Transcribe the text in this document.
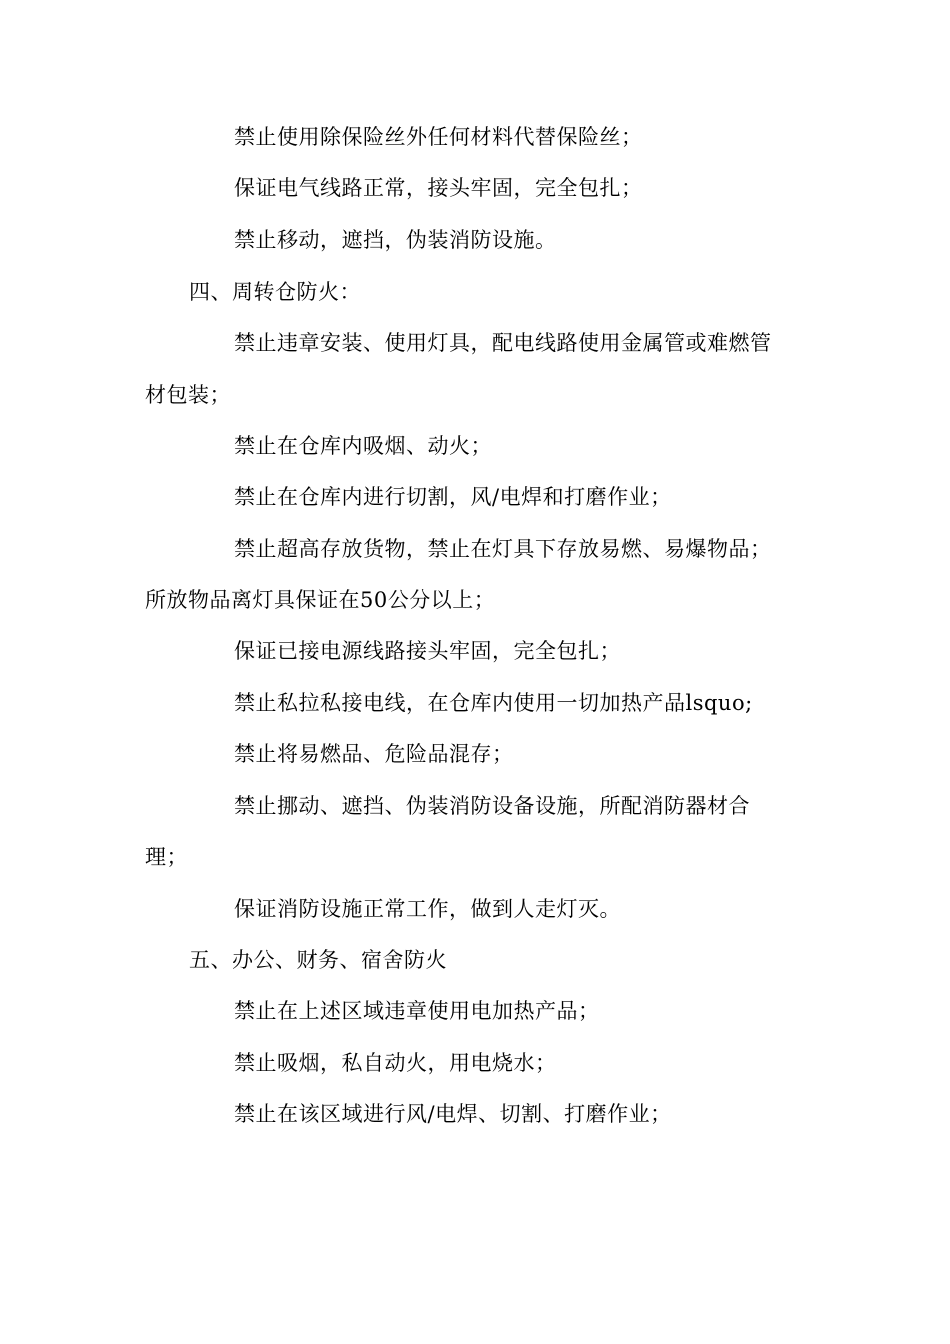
禁止使用除保险丝外任何材料代替保险丝；
保证电气线路正常，接头牢固，完全包扎；
禁止移动，遮挡，伪装消防设施。
四、周转仓防火：
禁止违章安装、使用灯具，配电线路使用金属管或难燃管
材包装；
禁止在仓库内吸烟、动火；
禁止在仓库内进行切割，风/电焊和打磨作业；
禁止超高存放货物，禁止在灯具下存放易燃、易爆物品；
所放物品离灯具保证在50公分以上；
保证已接电源线路接头牢固，完全包扎；
禁止私拉私接电线，在仓库内使用一切加热产品lsquo;
禁止将易燃品、危险品混存；
禁止挪动、遮挡、伪装消防设备设施，所配消防器材合
理；
保证消防设施正常工作，做到人走灯灭。
五、办公、财务、宿舍防火
禁止在上述区域违章使用电加热产品；
禁止吸烟，私自动火，用电烧水；
禁止在该区域进行风/电焊、切割、打磨作业；
